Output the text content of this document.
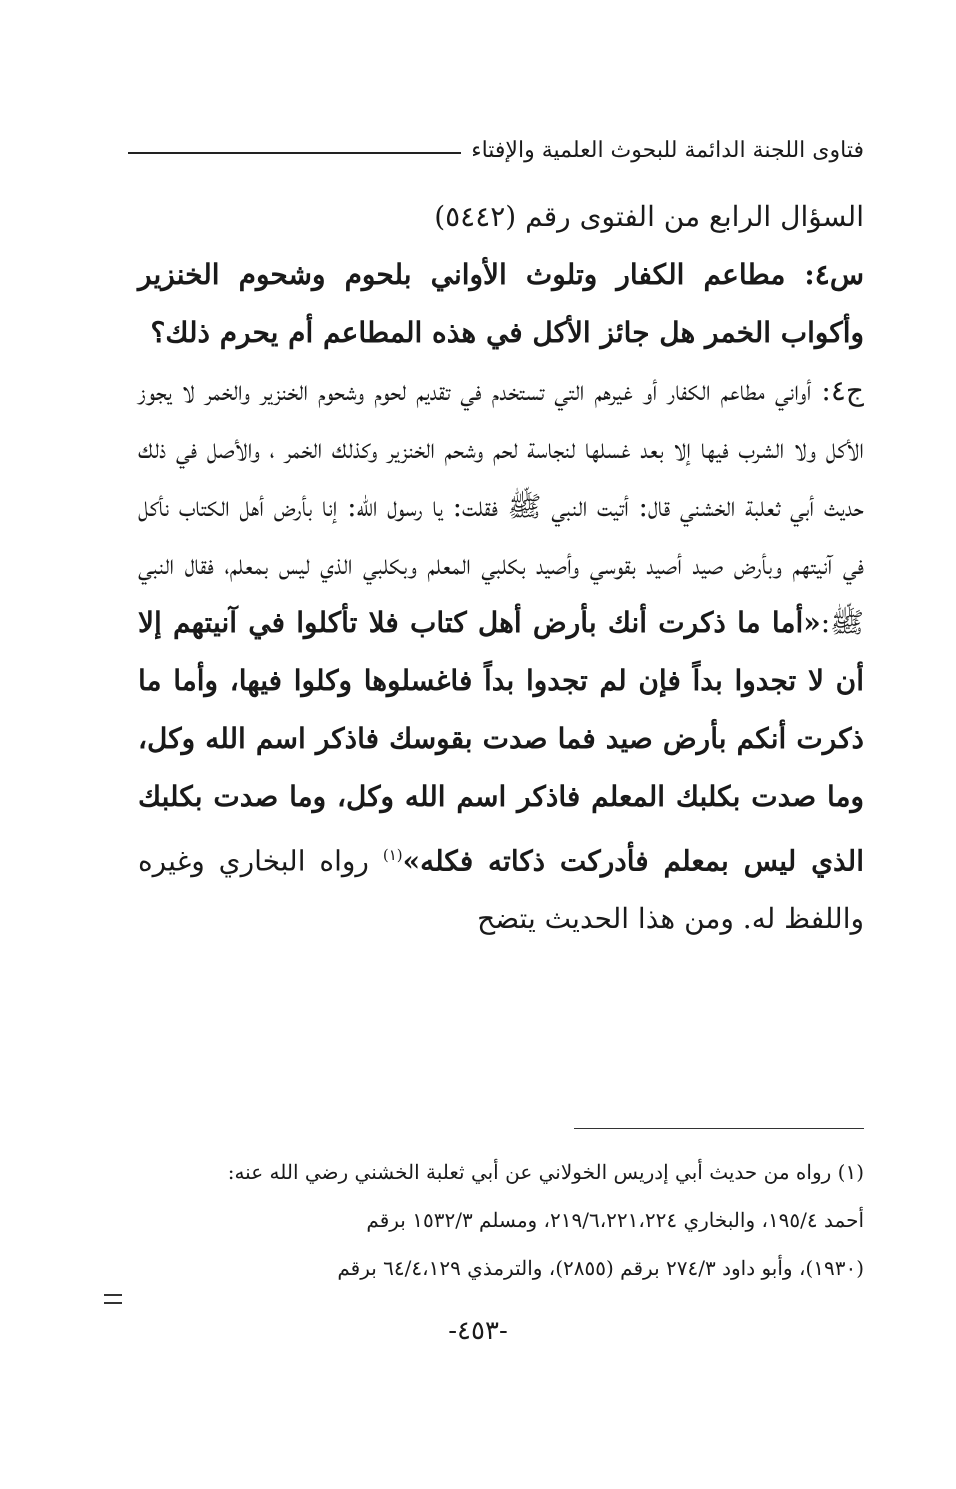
فتاوى اللجنة الدائمة للبحوث العلمية والإفتاء

السؤال الرابع من الفتوى رقم (٥٤٤٢)

س٤: مطاعم الكفار وتلوث الأواني بلحوم وشحوم الخنزير وأكواب الخمر هل جائز الأكل في هذه المطاعم أم يحرم ذلك؟

ج٤: أواني مطاعم الكفار أو غيرهم التي تستخدم في تقديم لحوم وشحوم الخنزير والخمر لا يجوز الأكل ولا الشرب فيها إلا بعد غسلها لنجاسة لحم وشحم الخنزير وكذلك الخمر ، والأصل في ذلك حديث أبي ثعلبة الخشني قال: أتيت النبي ﷺ فقلت: يا رسول الله: إنا بأرض أهل الكتاب نأكل في آنيتهم وبأرض صيد أصيد بقوسي وأصيد بكلبي المعلم وبكلبي الذي ليس بمعلم، فقال النبي ﷺ:«أما ما ذكرت أنك بأرض أهل كتاب فلا تأكلوا في آنيتهم إلا أن لا تجدوا بداً فإن لم تجدوا بداً فاغسلوها وكلوا فيها، وأما ما ذكرت أنكم بأرض صيد فما صدت بقوسك فاذكر اسم الله وكل، وما صدت بكلبك المعلم فاذكر اسم الله وكل، وما صدت بكلبك الذي ليس بمعلم فأدركت ذكاته فكله»$^{(١)}$ رواه البخاري وغيره واللفظ له. ومن هذا الحديث يتضح

(١) رواه من حديث أبي إدريس الخولاني عن أبي ثعلبة الخشني رضي الله عنه:

أحمد ١٩٥/٤، والبخاري ٢١٩/٦،٢٢١،٢٢٤، ومسلم ١٥٣٢/٣ برقم

(١٩٣٠)، وأبو داود ٢٧٤/٣ برقم (٢٨٥٥)، والترمذي ٦٤/٤،١٢٩ برقم

-٤٥٣-
